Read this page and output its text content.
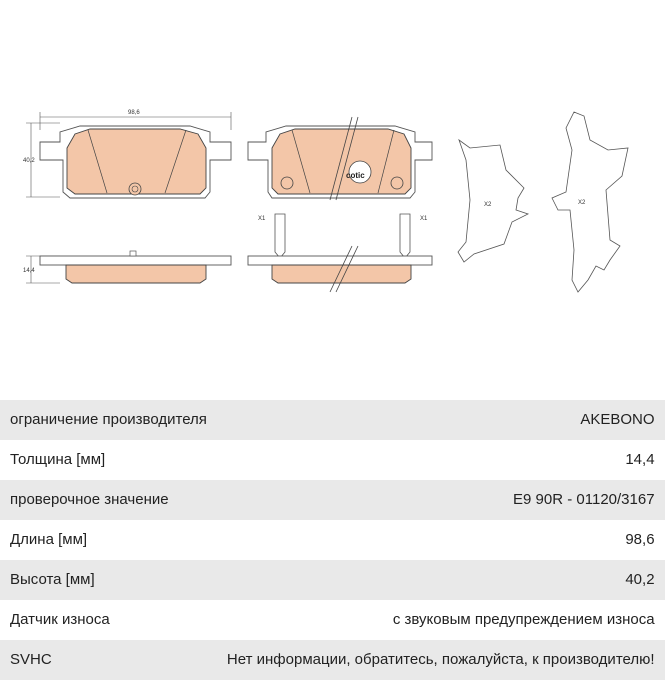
98,6
40,2
14,4
cotic
X1	X1
X2	X2
ограничение производителя	AKEBONO
Толщина [мм]	14,4
проверочное значение	E9 90R - 01120/3167
Длина [мм]	98,6
Высота [мм]	40,2
Датчик износа	с звуковым предупреждением износа
SVHC	Нет информации, обратитесь, пожалуйста, к производителю!
